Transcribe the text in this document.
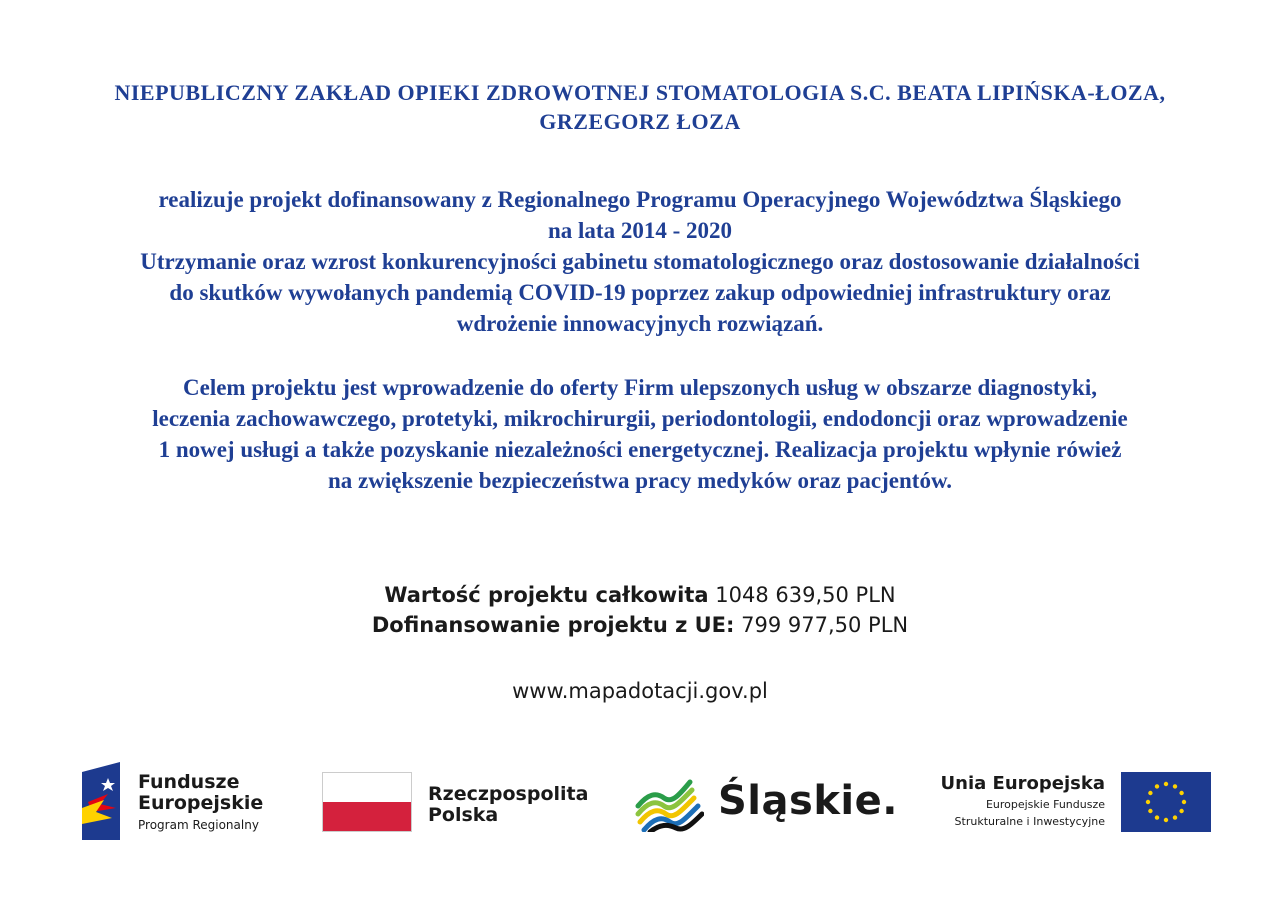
NIEPUBLICZNY ZAKŁAD OPIEKI ZDROWOTNEJ STOMATOLOGIA S.C. BEATA LIPIŃSKA-ŁOZA,
GRZEGORZ ŁOZA

realizuje projekt dofinansowany z Regionalnego Programu Operacyjnego Województwa Śląskiego
na lata 2014 - 2020
Utrzymanie oraz wzrost konkurencyjności gabinetu stomatologicznego oraz dostosowanie działalności
do skutków wywołanych pandemią COVID-19 poprzez zakup odpowiedniej infrastruktury oraz
wdrożenie innowacyjnych rozwiązań.

Celem projektu jest wprowadzenie do oferty Firm ulepszonych usług w obszarze diagnostyki,
leczenia zachowawczego, protetyki, mikrochirurgii, periodontologii, endodoncji oraz wprowadzenie
1 nowej usługi a także pozyskanie niezależności energetycznej. Realizacja projektu wpłynie rówież
na zwiększenie bezpieczeństwa pracy medyków oraz pacjentów.

Wartość projektu całkowita 1048 639,50 PLN
Dofinansowanie projektu z UE: 799 977,50 PLN
www.mapadotacji.gov.pl
Fundusze
Europejskie
Program Regionalny
Rzeczpospolita
Polska	Śląskie. Unia Europejska
Europejskie Fundusze
Strukturalne i Inwestycyjne
